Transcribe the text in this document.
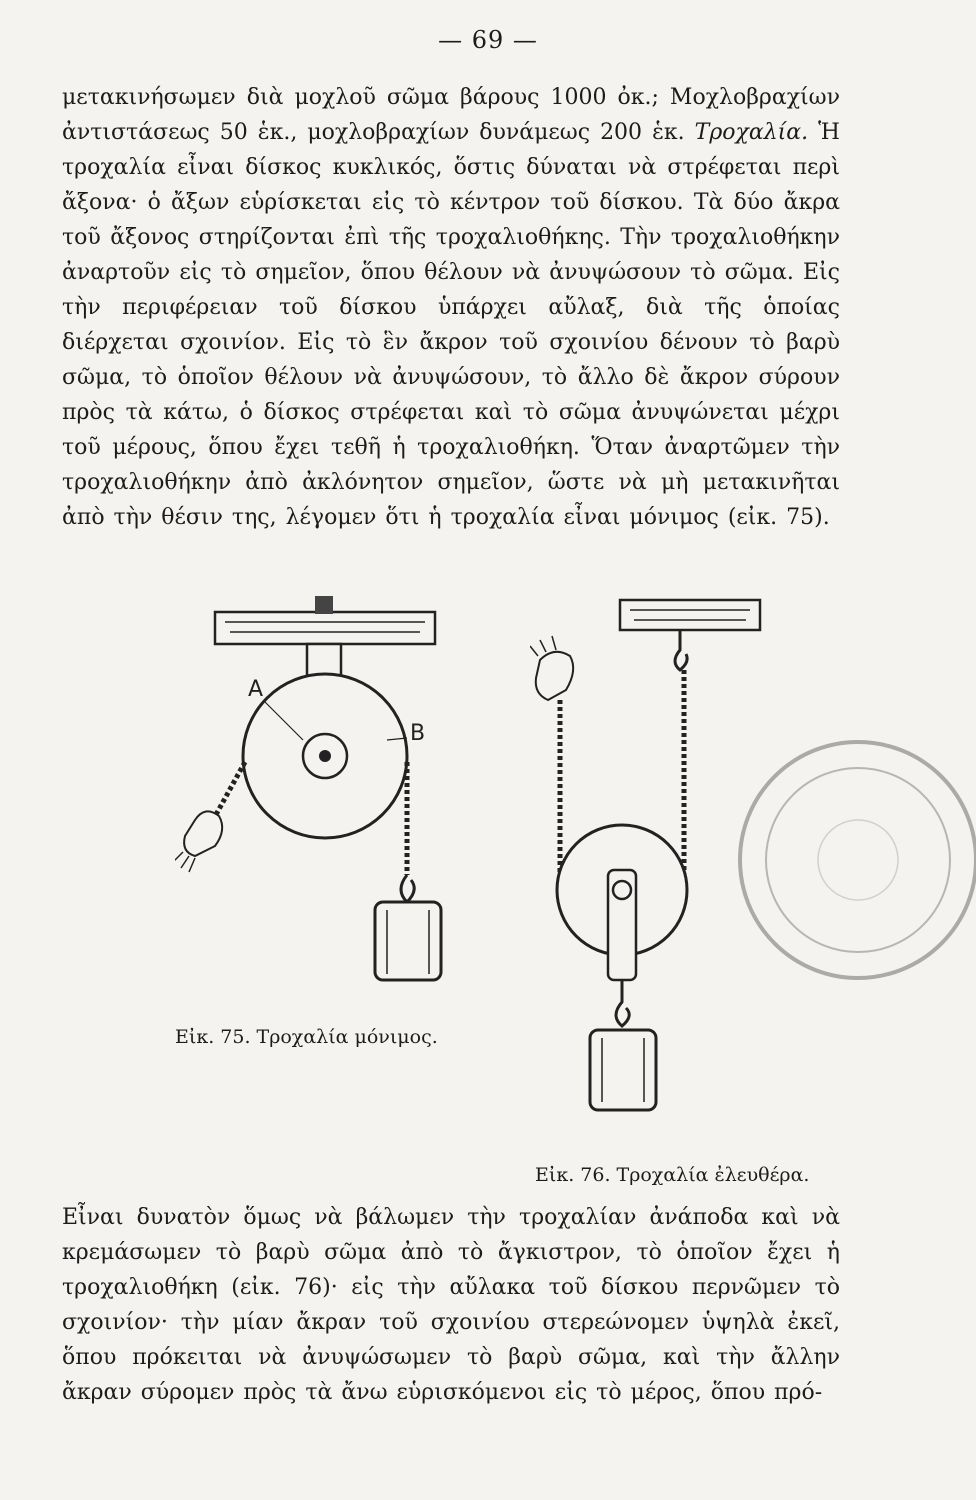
— 69 —
μετακινήσωμεν διὰ μοχλοῦ σῶμα βάρους 1000 ὀκ.; Μοχλοβραχίων ἀντιστάσεως 50 ἑκ., μοχλοβραχίων δυνάμεως 200 ἑκ. Τροχαλία. Ἡ τροχαλία εἶναι δίσκος κυκλικός, ὅστις δύναται νὰ στρέφεται περὶ ἄξονα· ὁ ἄξων εὑρίσκεται εἰς τὸ κέντρον τοῦ δίσκου. Τὰ δύο ἄκρα τοῦ ἄξονος στηρίζονται ἐπὶ τῆς τροχαλιοθήκης. Τὴν τροχαλιοθήκην ἀναρτοῦν εἰς τὸ σημεῖον, ὅπου θέλουν νὰ ἀνυψώσουν τὸ σῶμα. Εἰς τὴν περιφέρειαν τοῦ δίσκου ὑπάρχει αὔλαξ, διὰ τῆς ὁποίας διέρχεται σχοινίον. Εἰς τὸ ἓν ἄκρον τοῦ σχοινίου δένουν τὸ βαρὺ σῶμα, τὸ ὁποῖον θέλουν νὰ ἀνυψώσουν, τὸ ἄλλο δὲ ἄκρον σύρουν πρὸς τὰ κάτω, ὁ δίσκος στρέφεται καὶ τὸ σῶμα ἀνυψώνεται μέχρι τοῦ μέρους, ὅπου ἔχει τεθῆ ἡ τροχαλιοθήκη. Ὅταν ἀναρτῶμεν τὴν τροχαλιοθήκην ἀπὸ ἀκλόνητον σημεῖον, ὥστε νὰ μὴ μετακινῆται ἀπὸ τὴν θέσιν της, λέγομεν ὅτι ἡ τροχαλία εἶναι μόνιμος (εἰκ. 75).
A
B
Εἰκ. 75. Τροχαλία μόνιμος.
Εἰκ. 76. Τροχαλία ἐλευθέρα.
Εἶναι δυνατὸν ὅμως νὰ βάλωμεν τὴν τροχαλίαν ἀνάποδα καὶ νὰ κρεμάσωμεν τὸ βαρὺ σῶμα ἀπὸ τὸ ἄγκιστρον, τὸ ὁποῖον ἔχει ἡ τροχαλιοθήκη (εἰκ. 76)· εἰς τὴν αὔλακα τοῦ δίσκου περνῶμεν τὸ σχοινίον· τὴν μίαν ἄκραν τοῦ σχοινίου στερεώνομεν ὑψηλὰ ἐκεῖ, ὅπου πρόκειται νὰ ἀνυψώσωμεν τὸ βαρὺ σῶμα, καὶ τὴν ἄλλην ἄκραν σύρομεν πρὸς τὰ ἄνω εὑρισκόμενοι εἰς τὸ μέρος, ὅπου πρό-
